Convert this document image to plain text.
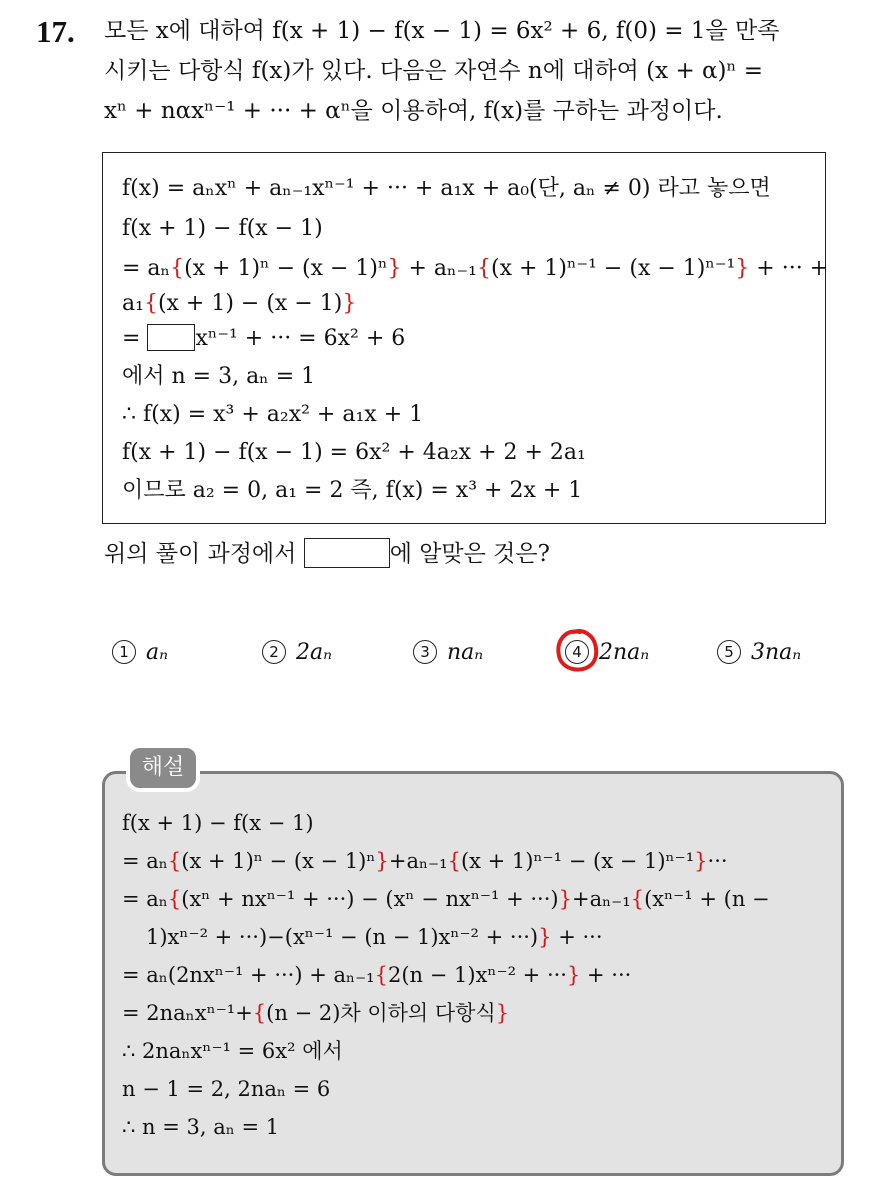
17. 모든 x에 대하여 f(x + 1) − f(x − 1) = 6x² + 6, f(0) = 1을 만족
시키는 다항식 f(x)가 있다. 다음은 자연수 n에 대하여 (x + α)ⁿ =
xⁿ + nαxⁿ⁻¹ + ··· + αⁿ을 이용하여, f(x)를 구하는 과정이다.
f(x) = aₙxⁿ + aₙ₋₁xⁿ⁻¹ + ··· + a₁x + a₀(단, aₙ ≠ 0) 라고 놓으면
f(x + 1) − f(x − 1)
= aₙ{(x + 1)ⁿ − (x − 1)ⁿ} + aₙ₋₁{(x + 1)ⁿ⁻¹ − (x − 1)ⁿ⁻¹} + ··· +
a₁{(x + 1) − (x − 1)}
= xⁿ⁻¹ + ··· = 6x² + 6
에서 n = 3, aₙ = 1
∴ f(x) = x³ + a₂x² + a₁x + 1
f(x + 1) − f(x − 1) = 6x² + 4a₂x + 2 + 2a₁
이므로 a₂ = 0, a₁ = 2 즉, f(x) = x³ + 2x + 1
위의 풀이 과정에서	에 알맞은 것은?
1 aₙ	2 2aₙ	3 naₙ	4 2naₙ	5 3naₙ
해설
f(x + 1) − f(x − 1)
= aₙ{(x + 1)ⁿ − (x − 1)ⁿ}+aₙ₋₁{(x + 1)ⁿ⁻¹ − (x − 1)ⁿ⁻¹}···
= aₙ{(xⁿ + nxⁿ⁻¹ + ···) − (xⁿ − nxⁿ⁻¹ + ···)}+aₙ₋₁{(xⁿ⁻¹ + (n −
1)xⁿ⁻² + ···)−(xⁿ⁻¹ − (n − 1)xⁿ⁻² + ···)} + ···
= aₙ(2nxⁿ⁻¹ + ···) + aₙ₋₁{2(n − 1)xⁿ⁻² + ···} + ···
= 2naₙxⁿ⁻¹+{(n − 2)차 이하의 다항식}
∴ 2naₙxⁿ⁻¹ = 6x² 에서
n − 1 = 2, 2naₙ = 6
∴ n = 3, aₙ = 1
